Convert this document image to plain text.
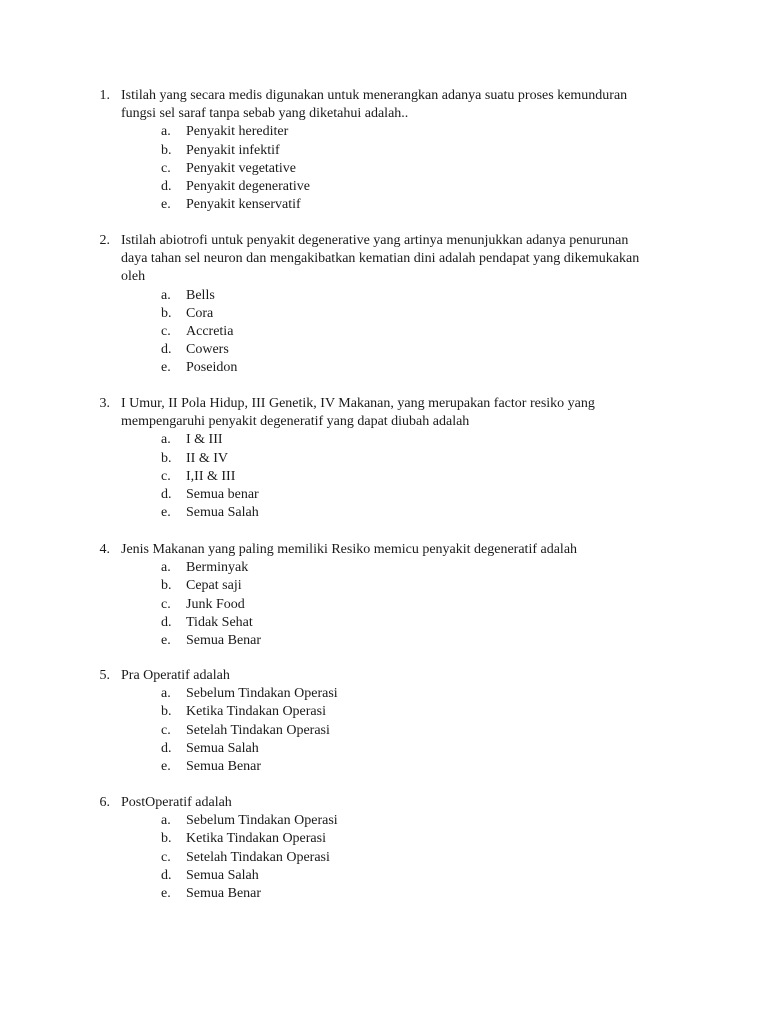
1. Istilah yang secara medis digunakan untuk menerangkan adanya suatu proses kemunduran fungsi sel saraf tanpa sebab yang diketahui adalah..
a. Penyakit herediter
b. Penyakit infektif
c. Penyakit vegetative
d. Penyakit degenerative
e. Penyakit kenservatif
2. Istilah abiotrofi untuk penyakit degenerative yang artinya menunjukkan adanya penurunan daya tahan sel neuron dan mengakibatkan kematian dini adalah pendapat yang dikemukakan oleh
a. Bells
b. Cora
c. Accretia
d. Cowers
e. Poseidon
3. I Umur, II Pola Hidup, III Genetik, IV Makanan, yang merupakan factor resiko yang mempengaruhi penyakit degeneratif yang dapat diubah adalah
a. I & III
b. II & IV
c. I,II & III
d. Semua benar
e. Semua Salah
4. Jenis Makanan yang paling memiliki Resiko memicu penyakit degeneratif adalah
a. Berminyak
b. Cepat saji
c. Junk Food
d. Tidak Sehat
e. Semua Benar
5. Pra Operatif adalah
a. Sebelum Tindakan Operasi
b. Ketika Tindakan Operasi
c. Setelah Tindakan Operasi
d. Semua Salah
e. Semua Benar
6. PostOperatif adalah
a. Sebelum Tindakan Operasi
b. Ketika Tindakan Operasi
c. Setelah Tindakan Operasi
d. Semua Salah
e. Semua Benar
